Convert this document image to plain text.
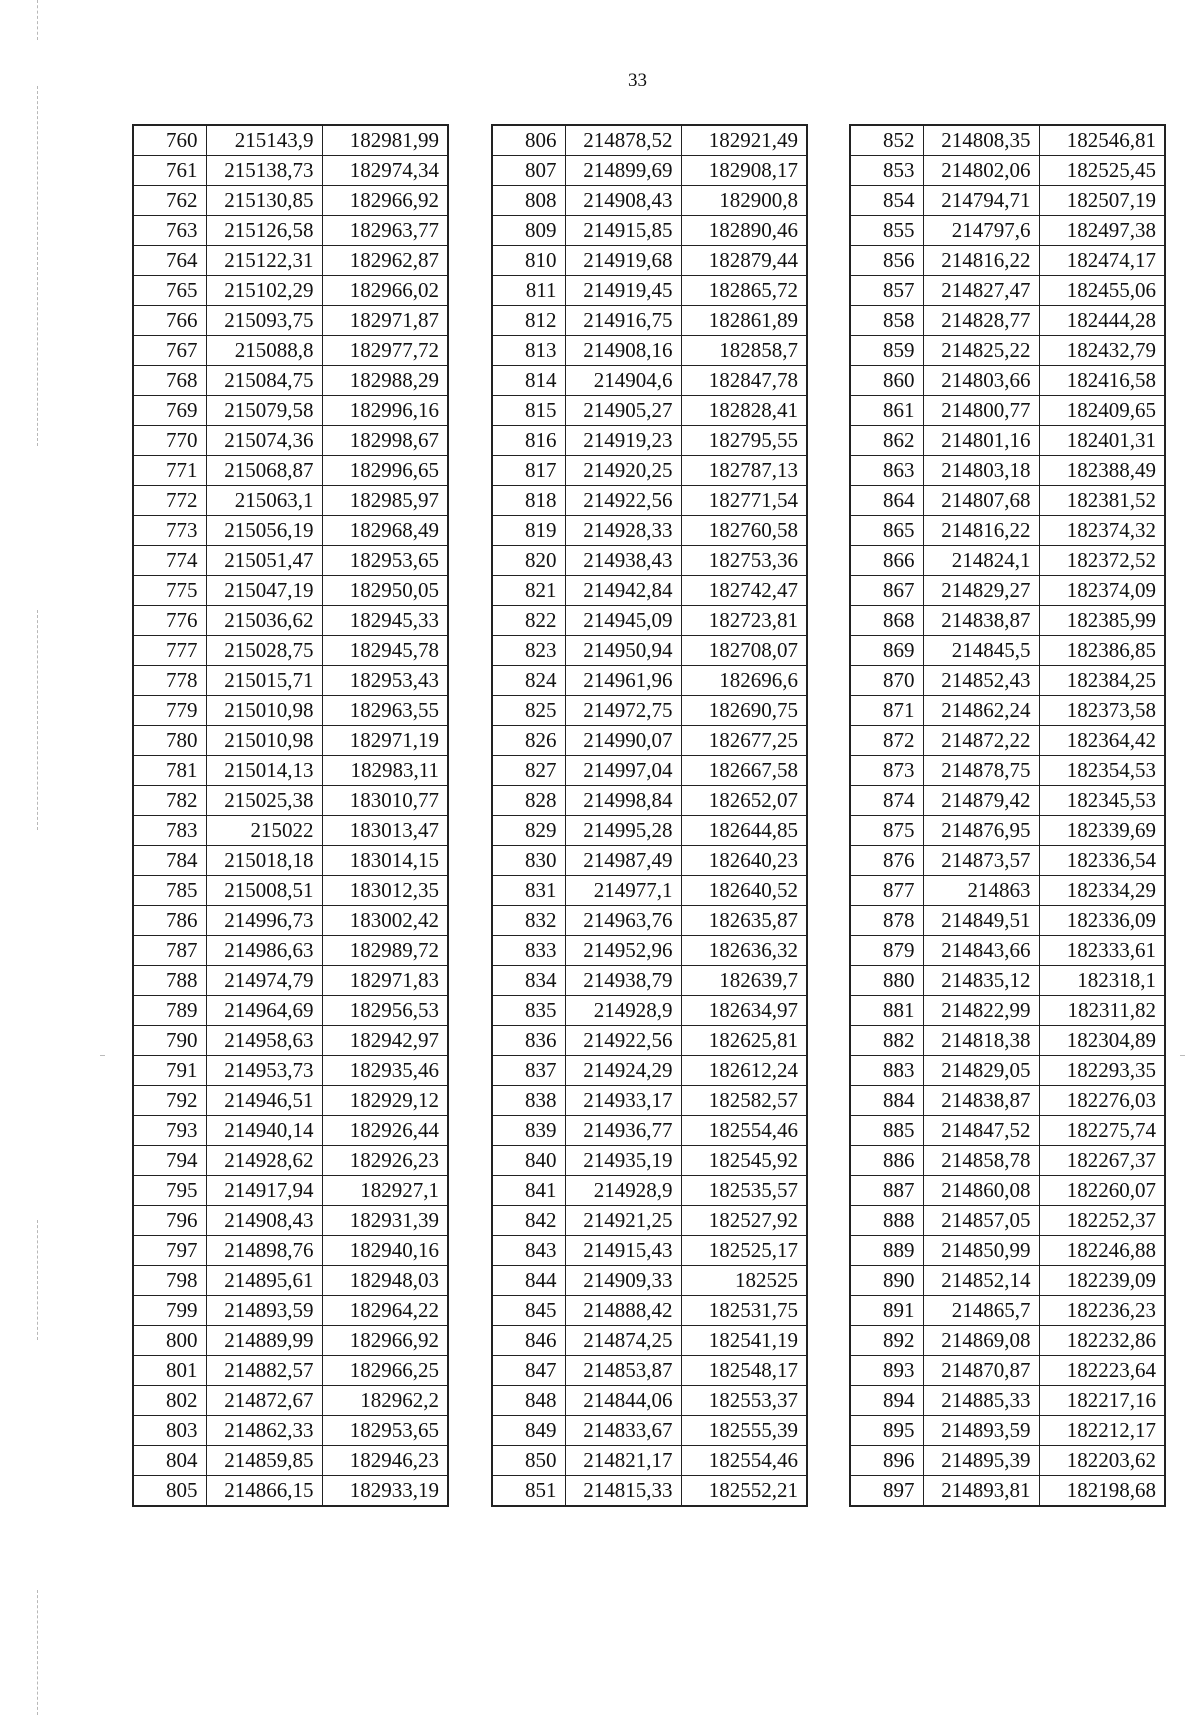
33
760	215143,9	182981,99
761	215138,73	182974,34
762	215130,85	182966,92
763	215126,58	182963,77
764	215122,31	182962,87
765	215102,29	182966,02
766	215093,75	182971,87
767	215088,8	182977,72
768	215084,75	182988,29
769	215079,58	182996,16
770	215074,36	182998,67
771	215068,87	182996,65
772	215063,1	182985,97
773	215056,19	182968,49
774	215051,47	182953,65
775	215047,19	182950,05
776	215036,62	182945,33
777	215028,75	182945,78
778	215015,71	182953,43
779	215010,98	182963,55
780	215010,98	182971,19
781	215014,13	182983,11
782	215025,38	183010,77
783	215022	183013,47
784	215018,18	183014,15
785	215008,51	183012,35
786	214996,73	183002,42
787	214986,63	182989,72
788	214974,79	182971,83
789	214964,69	182956,53
790	214958,63	182942,97
791	214953,73	182935,46
792	214946,51	182929,12
793	214940,14	182926,44
794	214928,62	182926,23
795	214917,94	182927,1
796	214908,43	182931,39
797	214898,76	182940,16
798	214895,61	182948,03
799	214893,59	182964,22
800	214889,99	182966,92
801	214882,57	182966,25
802	214872,67	182962,2
803	214862,33	182953,65
804	214859,85	182946,23
805	214866,15	182933,19
806	214878,52	182921,49
807	214899,69	182908,17
808	214908,43	182900,8
809	214915,85	182890,46
810	214919,68	182879,44
811	214919,45	182865,72
812	214916,75	182861,89
813	214908,16	182858,7
814	214904,6	182847,78
815	214905,27	182828,41
816	214919,23	182795,55
817	214920,25	182787,13
818	214922,56	182771,54
819	214928,33	182760,58
820	214938,43	182753,36
821	214942,84	182742,47
822	214945,09	182723,81
823	214950,94	182708,07
824	214961,96	182696,6
825	214972,75	182690,75
826	214990,07	182677,25
827	214997,04	182667,58
828	214998,84	182652,07
829	214995,28	182644,85
830	214987,49	182640,23
831	214977,1	182640,52
832	214963,76	182635,87
833	214952,96	182636,32
834	214938,79	182639,7
835	214928,9	182634,97
836	214922,56	182625,81
837	214924,29	182612,24
838	214933,17	182582,57
839	214936,77	182554,46
840	214935,19	182545,92
841	214928,9	182535,57
842	214921,25	182527,92
843	214915,43	182525,17
844	214909,33	182525
845	214888,42	182531,75
846	214874,25	182541,19
847	214853,87	182548,17
848	214844,06	182553,37
849	214833,67	182555,39
850	214821,17	182554,46
851	214815,33	182552,21
852	214808,35	182546,81
853	214802,06	182525,45
854	214794,71	182507,19
855	214797,6	182497,38
856	214816,22	182474,17
857	214827,47	182455,06
858	214828,77	182444,28
859	214825,22	182432,79
860	214803,66	182416,58
861	214800,77	182409,65
862	214801,16	182401,31
863	214803,18	182388,49
864	214807,68	182381,52
865	214816,22	182374,32
866	214824,1	182372,52
867	214829,27	182374,09
868	214838,87	182385,99
869	214845,5	182386,85
870	214852,43	182384,25
871	214862,24	182373,58
872	214872,22	182364,42
873	214878,75	182354,53
874	214879,42	182345,53
875	214876,95	182339,69
876	214873,57	182336,54
877	214863	182334,29
878	214849,51	182336,09
879	214843,66	182333,61
880	214835,12	182318,1
881	214822,99	182311,82
882	214818,38	182304,89
883	214829,05	182293,35
884	214838,87	182276,03
885	214847,52	182275,74
886	214858,78	182267,37
887	214860,08	182260,07
888	214857,05	182252,37
889	214850,99	182246,88
890	214852,14	182239,09
891	214865,7	182236,23
892	214869,08	182232,86
893	214870,87	182223,64
894	214885,33	182217,16
895	214893,59	182212,17
896	214895,39	182203,62
897	214893,81	182198,68
